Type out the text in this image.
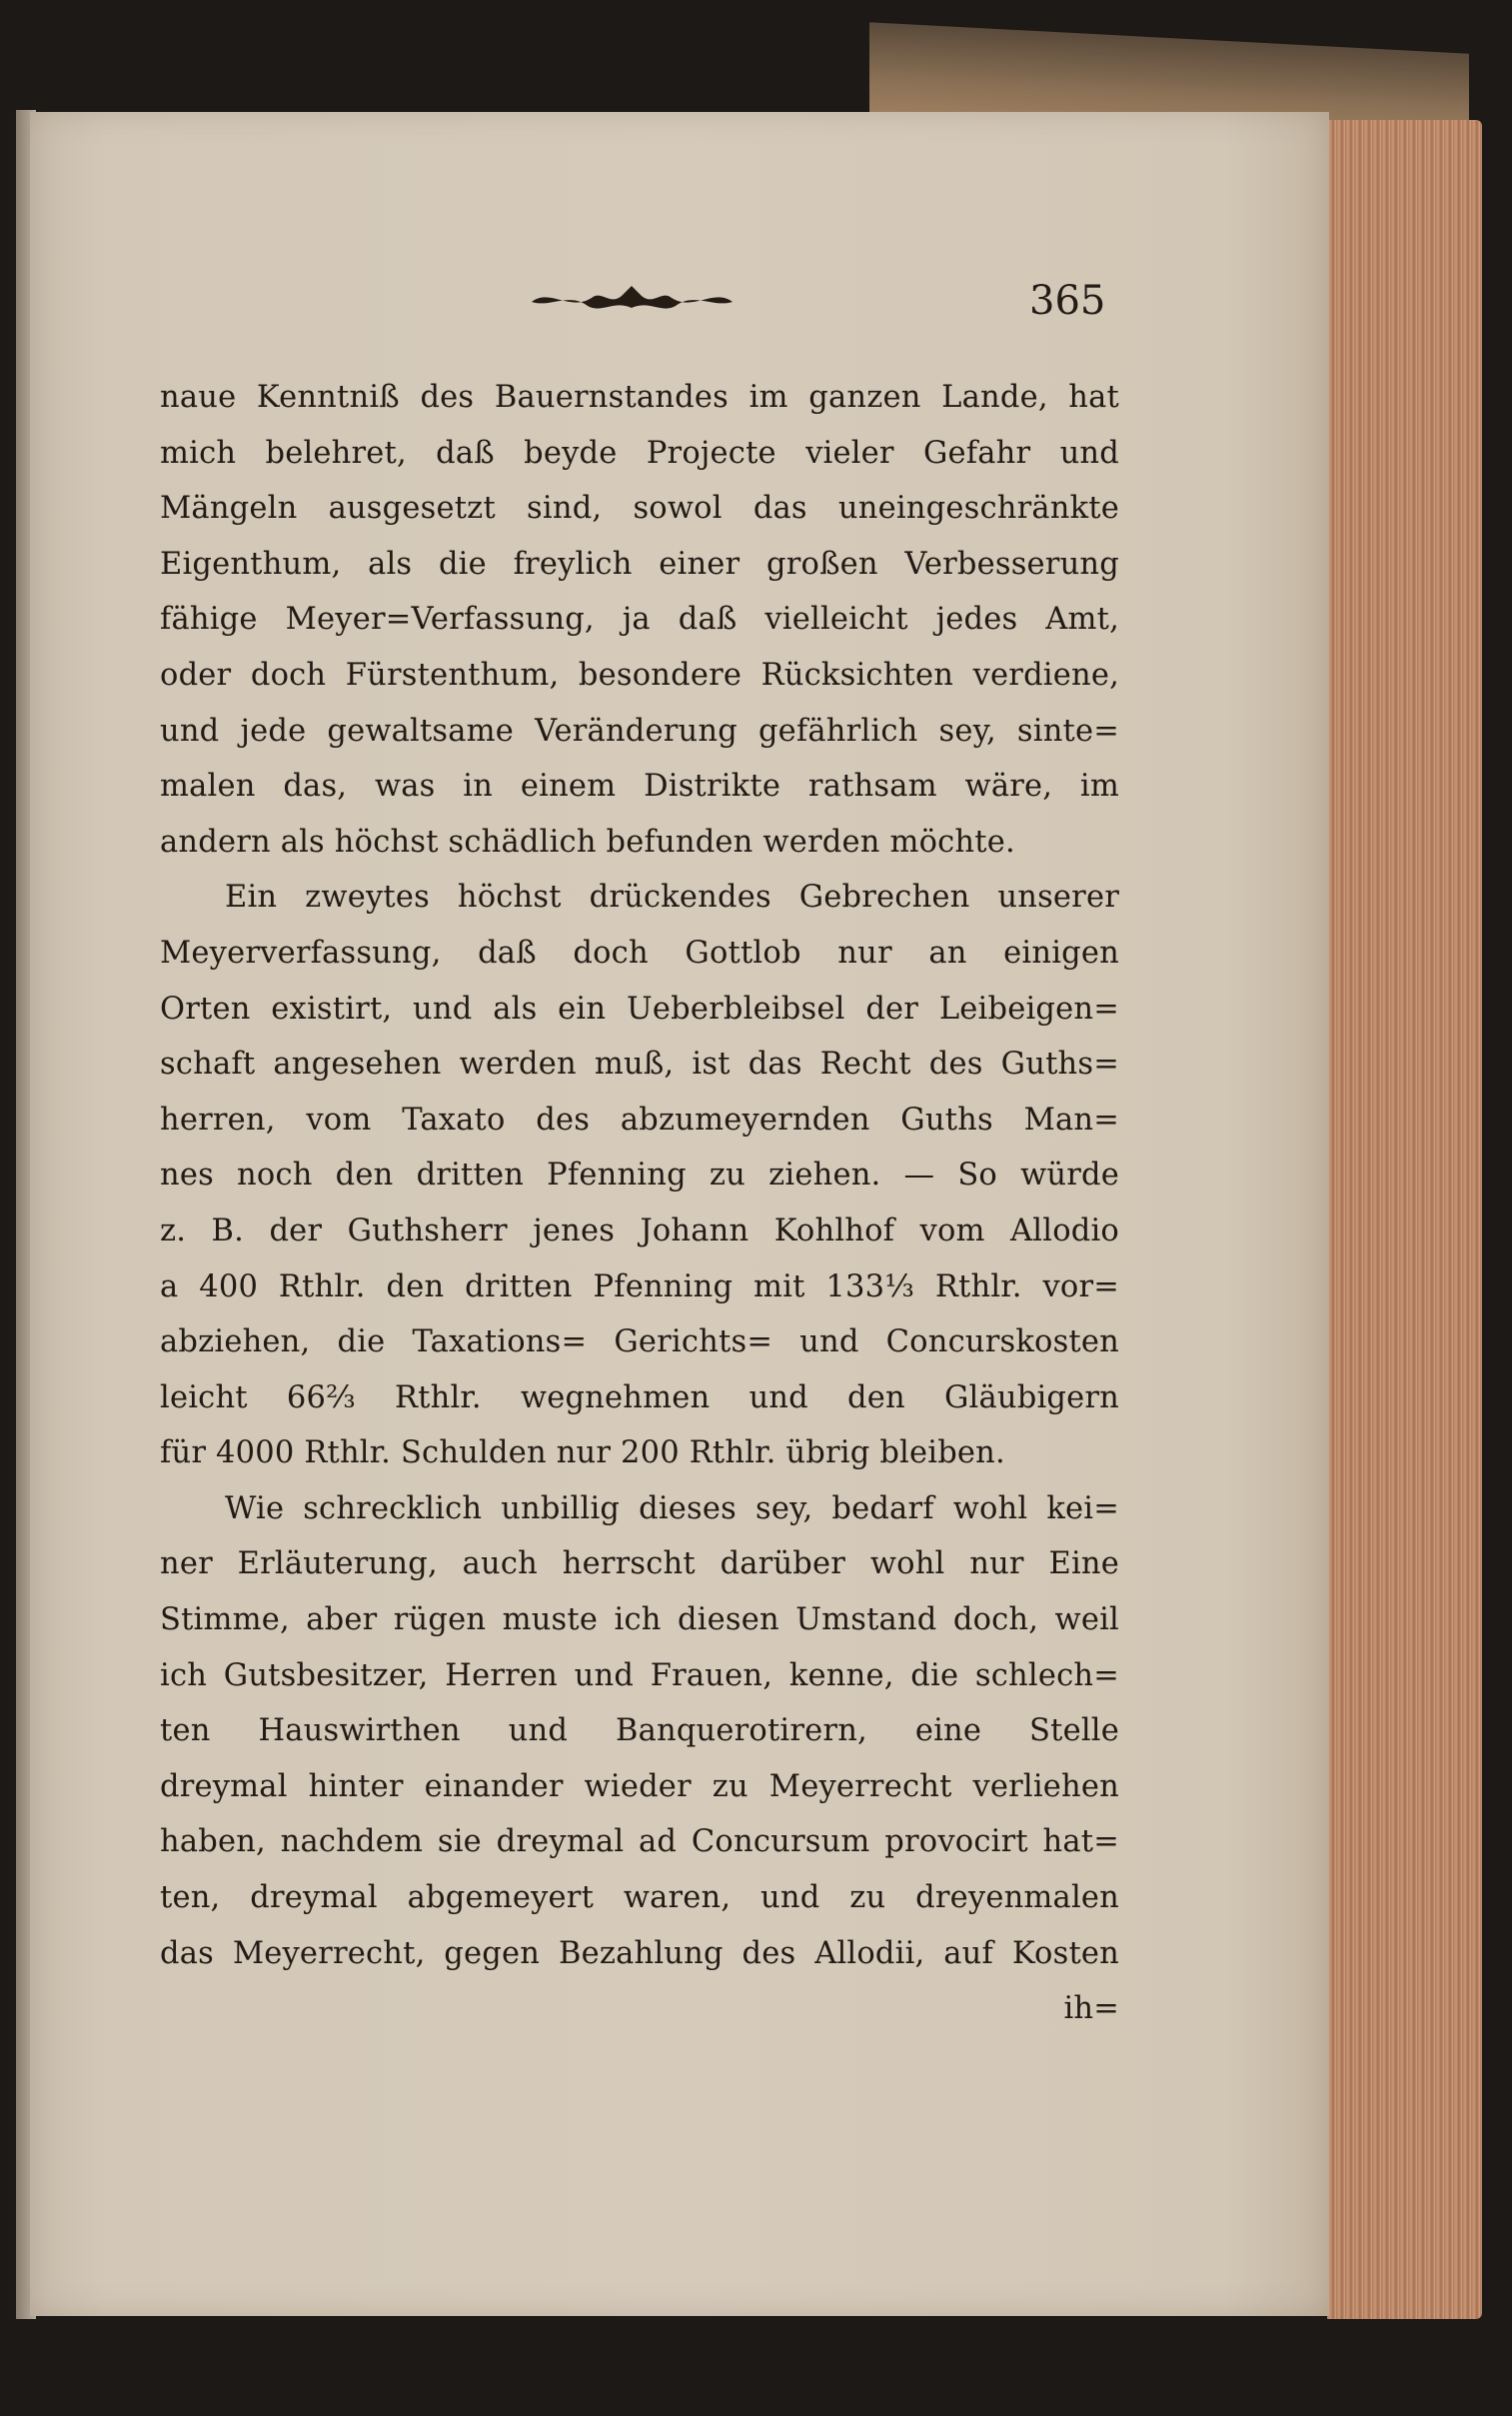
365
naue Kenntniß des Bauernstandes im ganzen Lande, hat
mich belehret, daß beyde Projecte vieler Gefahr und
Mängeln ausgesetzt sind, sowol das uneingeschränkte
Eigenthum, als die freylich einer großen Verbesserung
fähige Meyer=Verfassung, ja daß vielleicht jedes Amt,
oder doch Fürstenthum, besondere Rücksichten verdiene,
und jede gewaltsame Veränderung gefährlich sey, sinte=
malen das, was in einem Distrikte rathsam wäre, im
andern als höchst schädlich befunden werden möchte.
Ein zweytes höchst drückendes Gebrechen unserer
Meyerverfassung, daß doch Gottlob nur an einigen
Orten existirt, und als ein Ueberbleibsel der Leibeigen=
schaft angesehen werden muß, ist das Recht des Guths=
herren, vom Taxato des abzumeyernden Guths Man=
nes noch den dritten Pfenning zu ziehen. — So würde
z. B. der Guthsherr jenes Johann Kohlhof vom Allodio
a 400 Rthlr. den dritten Pfenning mit 133⅓ Rthlr. vor=
abziehen, die Taxations= Gerichts= und Concurskosten
leicht 66⅔ Rthlr. wegnehmen und den Gläubigern
für 4000 Rthlr. Schulden nur 200 Rthlr. übrig bleiben.
Wie schrecklich unbillig dieses sey, bedarf wohl kei=
ner Erläuterung, auch herrscht darüber wohl nur Eine
Stimme, aber rügen muste ich diesen Umstand doch, weil
ich Gutsbesitzer, Herren und Frauen, kenne, die schlech=
ten Hauswirthen und Banquerotirern, eine Stelle
dreymal hinter einander wieder zu Meyerrecht verliehen
haben, nachdem sie dreymal ad Concursum provocirt hat=
ten, dreymal abgemeyert waren, und zu dreyenmalen
das Meyerrecht, gegen Bezahlung des Allodii, auf Kosten
ih=
